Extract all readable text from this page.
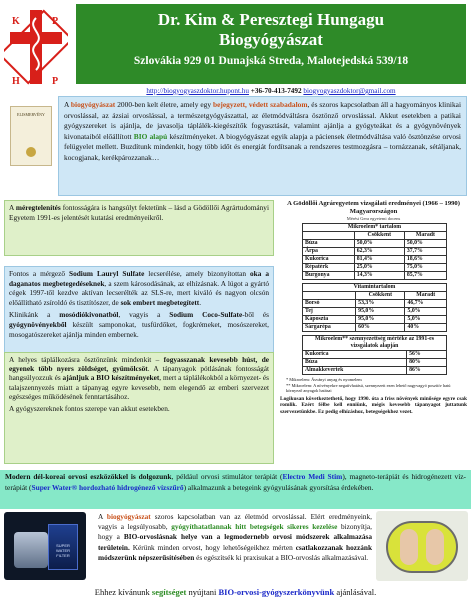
K	P
H	P
Dr. Kim & Peresztegi Hungagu
Biogyógyászat
Szlovákia 929 01 Dunajská Streda, Malotejedská 539/18
http://biogyogyaszdoktor.hupont.hu +36-70-413-7492 biogyogyaszdoktor@gmail.com
ELISMERVÉNY
A biogyógyászat 2000-ben kelt életre, amely egy bejegyzett, védett szabadalom, és szoros kapcsolatban áll a hagyományos klinikai orvoslással, az ázsiai orvoslással, a természetgyógyászattal, az életmódváltásra ösztönző orvoslással. Akkut esetekben a patikai gyógyszereket is ajánlja, de javasolja táplálék-kiegészítők fogyasztását, valamint ajánlja a gyógyteákat és a gyógynövények kivonataiból előállított BIO alapú készítményeket. A biogyógyászat egyik alapja a páciensek életmódváltása való ösztönzése orvosi felügyelet mellett. Buzdítunk mindenkit, hogy több időt és energiát fordítsanak a rendszeres testmozgásra – tornázzanak, sétáljanak, kocogjanak, kerékpározzanak…
A méregtelenítés fontosságára is hangsúlyt fektetünk – lásd a Gödöllői Agrártudományi Egyetem 1991-es jelentését kutatási eredményeikről.

Fontos a mérgező Sodium Lauryl Sulfate lecserélése, amely bizonyítottan oka a daganatos megbetegedéseknek, a szem károsodásának, az elhízásnak. A lúgot a gyártó cégek 1997-től kezdve aktívan lecserélték az SLS-re, mert kiváló és nagyon olcsón előállítható zsíroldó és tisztítószer, de sok embert megbetegített.

Klinikánk a mosódiókivonatból, vagyis a Sodium Coco-Sulfate-ből és gyógynövényekből készült samponokat, tusfürdőket, fogkrémeket, mosószereket, mosogatószereket ajánlja minden embernek.

A helyes táplálkozásra ösztönzünk mindenkit – fogyasszanak kevesebb húst, de egyenek több nyers zöldséget, gyümölcsöt. A tápanyagok pótlásának fontosságát hangsúlyozzuk és ajánljuk a BIO készítményeket, mert a táplálékokból a környezet- és talajszennyezés miatt a tápanyag egyre kevesebb, nem elegendő az emberi szervezet egészséges működésének fenntartásához.

A gyógyszereknek fontos szerepe van akkut esetekben.

A Gödöllői Agráregyetem vizsgálati eredményei (1966 – 1990) Magyarországon
Mérési Gera egyetemi docens
Mikroelem* tartalom		
	Csökkent	Maradt
Búza	50,0%	50,0%
Árpa	62,3%	37,7%
Kukorica	81,4%	18,6%
Répatérk	25,0%	75,0%
Burgonya	14,3%	85,7%
Vitamintartalom		
	Csökkent	Maradt
Borsó	53,3%	46,7%
Tej	95,0%	5,0%
Káposzta	95,0%	5,0%
Sárgarépa	60%	40%
Mikroelem** szennyezettség mértéke az 1991-es vizsgálatok alapján	
Kukorica	56%
Búza	80%
Almakkevertek	86%
* Mikroelem: Ásványi anyag és nyomelem
** Mikroelem: A növényekre negatívhatású, szennyezett ezen lehető nagyvagyó poszitív hatú környező anyagok hatásai
Logikusan következtethető, hogy 1990. óta a friss növények minősége egyre csak romlik. Ezért félbe kell enniünk, mégis kevesebb tápanyagot juttatunk szervezetünkbe. Ez pedig elhízáshoz, betegségekhez vezet.
Modern dél-koreai orvosi eszközökkel is dolgozunk, például orvosi stimulátor terápiát (Electro Medi Stim), magneto-terápiát és hidrogénezett víz-terápiát (Super Water® hordozható hidrogénező vízszűrő) alkalmazunk a betegeink gyógyulásának gyorsítása érdekében.
SUPER WATER FILTER
A biogyógyászat szoros kapcsolatban van az életmód orvoslással. Elért eredményeink, vagyis a legsúlyosabb, gyógyíthatatlannak hitt betegségek sikeres kezelése bizonyítja, hogy a BIO-orvoslásnak helye van a legmodernebb orvosi módszerek alkalmazása területein. Kérünk minden orvost, hogy lehetőségeikhez mérten csatlakozzanak hozzánk módszerünk népszerűsítésében és egészítsék ki praxisukat a BIO-orvoslás alkalmazásával.
Ehhez kívánunk segítséget nyújtani BIO-orvosi-gyógyszerkönyvünk ajánlásával.
